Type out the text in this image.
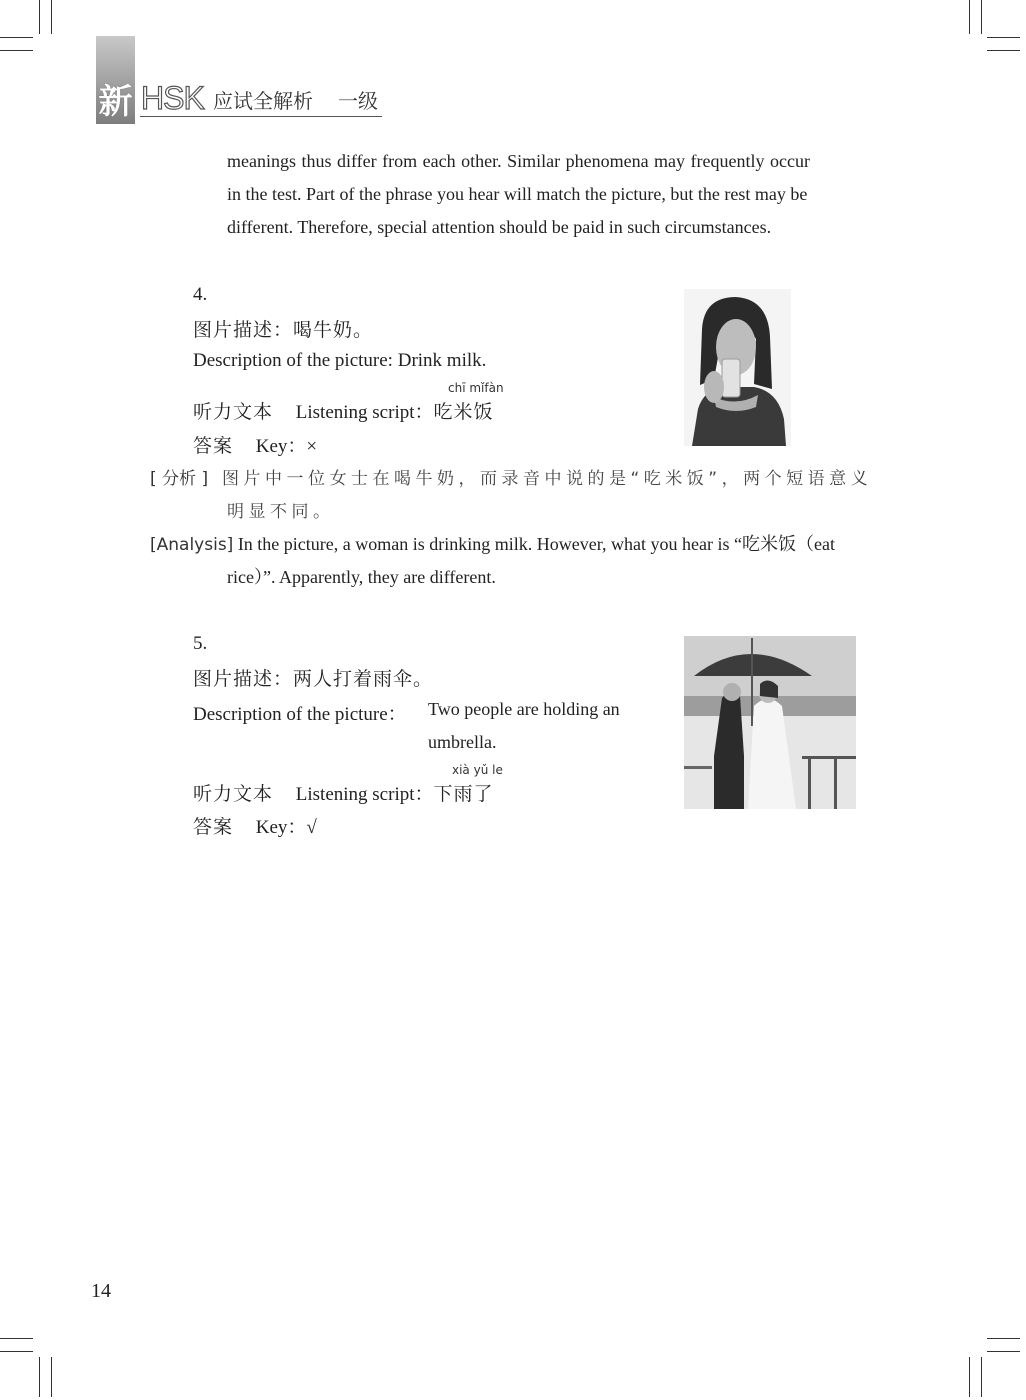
新 HSK 应试全解析 一级
meanings thus differ from each other. Similar phenomena may frequently occur
in the test. Part of the phrase you hear will match the picture, but the rest may be
different. Therefore, special attention should be paid in such circumstances.
4.
图片描述：喝牛奶。
Description of the picture: Drink milk.
chī mǐfàn
听力文本 Listening script：吃米饭
答案 Key：×
[ 分析 ] 图片中一位女士在喝牛奶，而录音中说的是“吃米饭”，两个短语意义
明显不同。
[Analysis] In the picture, a woman is drinking milk. However, what you hear is “吃米饭（eat
rice）”. Apparently, they are different.
5.
图片描述：两人打着雨伞。
Description of the picture： Two people are holding an
umbrella.
xià yǔ le
听力文本 Listening script：下雨了
答案 Key：√
14
